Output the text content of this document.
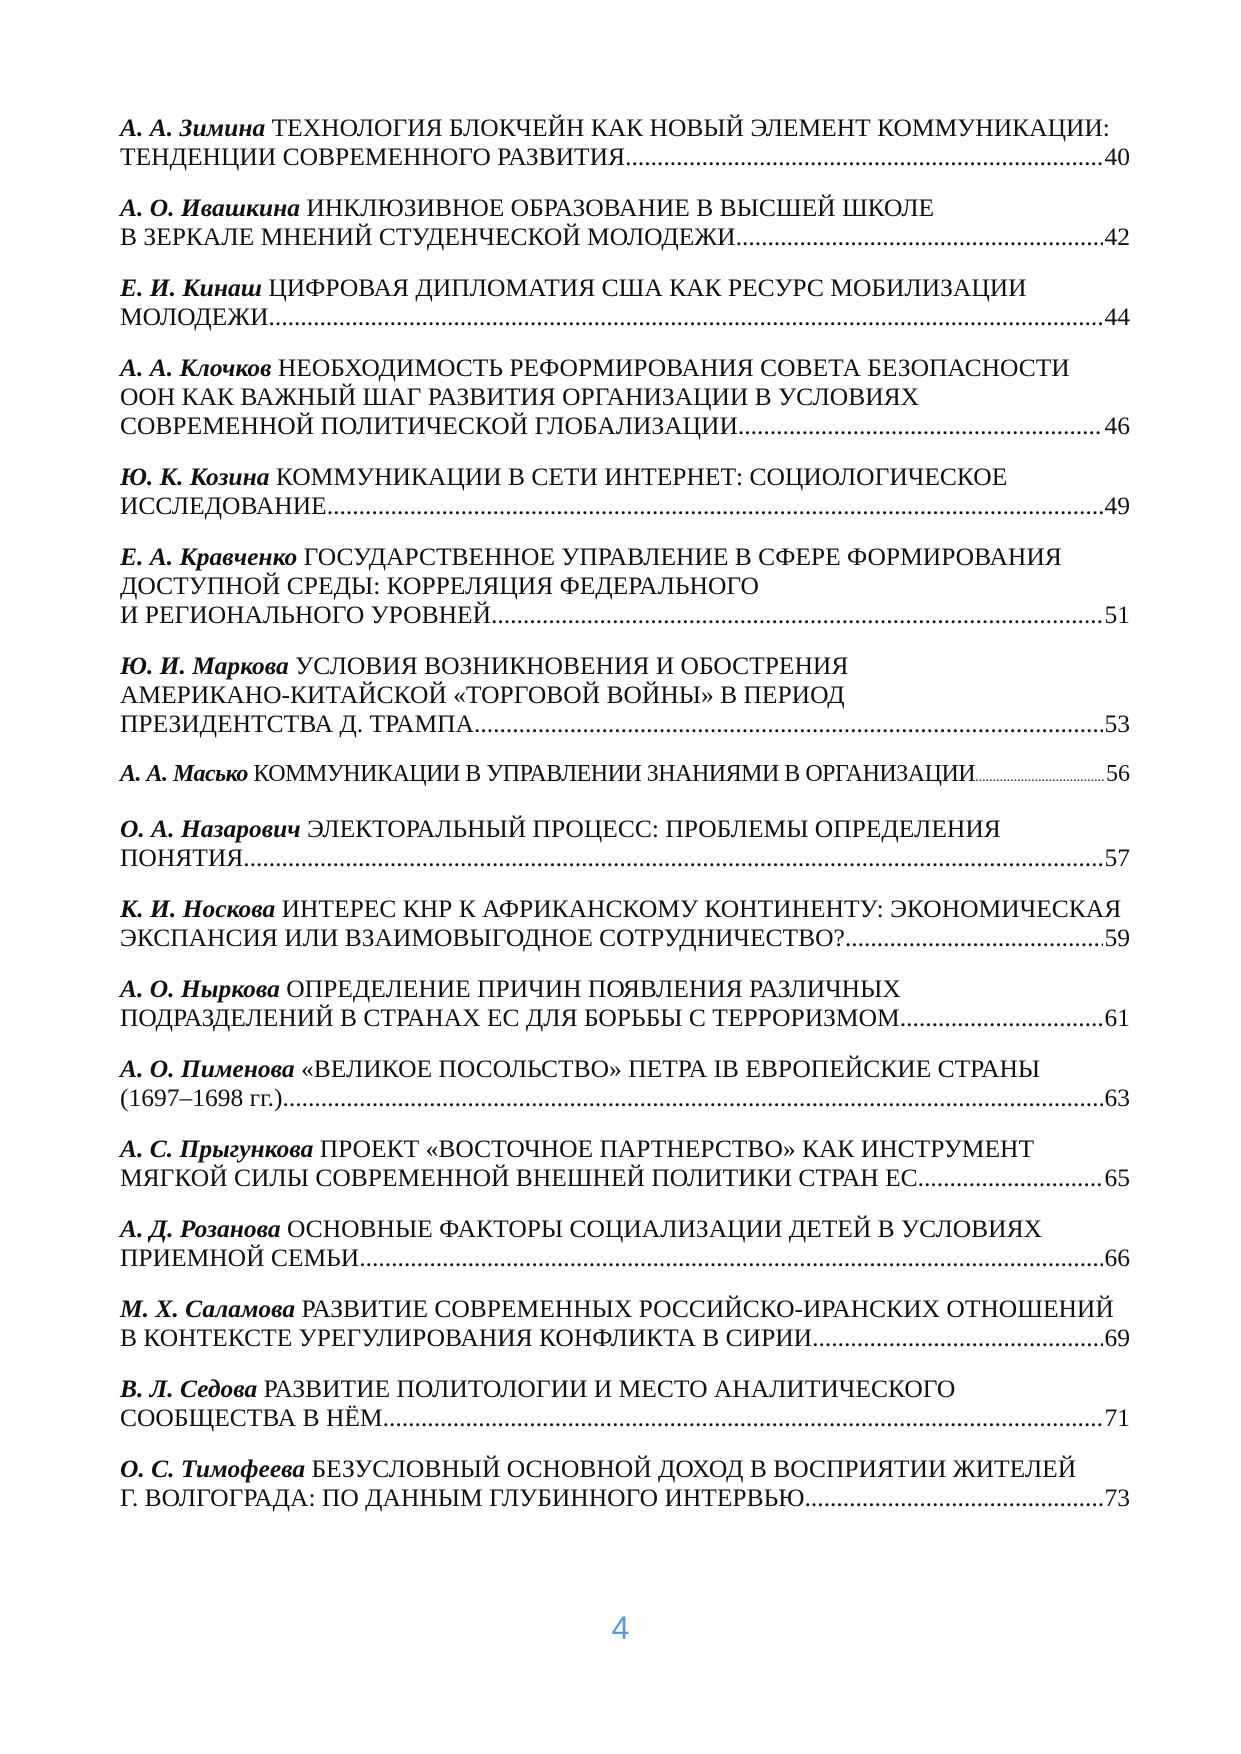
А. А. Зимина ТЕХНОЛОГИЯ БЛОКЧЕЙН КАК НОВЫЙ ЭЛЕМЕНТ КОММУНИКАЦИИ:
ТЕНДЕНЦИИ СОВРЕМЕННОГО РАЗВИТИЯ .....	40
А. О. Ивашкина ИНКЛЮЗИВНОЕ ОБРАЗОВАНИЕ В ВЫСШЕЙ ШКОЛЕ
В ЗЕРКАЛЕ МНЕНИЙ СТУДЕНЧЕСКОЙ МОЛОДЕЖИ .....	42
Е. И. Кинаш ЦИФРОВАЯ ДИПЛОМАТИЯ США КАК РЕСУРС МОБИЛИЗАЦИИ
МОЛОДЕЖИ .....	44
А. А. Клочков НЕОБХОДИМОСТЬ РЕФОРМИРОВАНИЯ СОВЕТА БЕЗОПАСНОСТИ
ООН КАК ВАЖНЫЙ ШАГ РАЗВИТИЯ ОРГАНИЗАЦИИ В УСЛОВИЯХ
СОВРЕМЕННОЙ ПОЛИТИЧЕСКОЙ ГЛОБАЛИЗАЦИИ .....	46
Ю. К. Козина КОММУНИКАЦИИ В СЕТИ ИНТЕРНЕТ: СОЦИОЛОГИЧЕСКОЕ
ИССЛЕДОВАНИЕ .....	49
Е. А. Кравченко ГОСУДАРСТВЕННОЕ УПРАВЛЕНИЕ В СФЕРЕ ФОРМИРОВАНИЯ
ДОСТУПНОЙ СРЕДЫ: КОРРЕЛЯЦИЯ ФЕДЕРАЛЬНОГО
И РЕГИОНАЛЬНОГО УРОВНЕЙ .....	51
Ю. И. Маркова УСЛОВИЯ ВОЗНИКНОВЕНИЯ И ОБОСТРЕНИЯ
АМЕРИКАНО-КИТАЙСКОЙ «ТОРГОВОЙ ВОЙНЫ» В ПЕРИОД
ПРЕЗИДЕНТСТВА Д. ТРАМПА .....	53
А. А. Масько КОММУНИКАЦИИ В УПРАВЛЕНИИ ЗНАНИЯМИ В ОРГАНИЗАЦИИ .....	56
О. А. Назарович ЭЛЕКТОРАЛЬНЫЙ ПРОЦЕСС: ПРОБЛЕМЫ ОПРЕДЕЛЕНИЯ
ПОНЯТИЯ .....	57
К. И. Носкова ИНТЕРЕС КНР К АФРИКАНСКОМУ КОНТИНЕНТУ: ЭКОНОМИЧЕСКАЯ
ЭКСПАНСИЯ ИЛИ ВЗАИМОВЫГОДНОЕ СОТРУДНИЧЕСТВО? .....	59
А. О. Ныркова ОПРЕДЕЛЕНИЕ ПРИЧИН ПОЯВЛЕНИЯ РАЗЛИЧНЫХ
ПОДРАЗДЕЛЕНИЙ В СТРАНАХ ЕС ДЛЯ БОРЬБЫ С ТЕРРОРИЗМОМ .....	61
А. О. Пименова «ВЕЛИКОЕ ПОСОЛЬСТВО» ПЕТРА IВ ЕВРОПЕЙСКИЕ СТРАНЫ
(1697–1698 гг.) .....	63
А. С. Прыгункова ПРОЕКТ «ВОСТОЧНОЕ ПАРТНЕРСТВО» КАК ИНСТРУМЕНТ
МЯГКОЙ СИЛЫ СОВРЕМЕННОЙ ВНЕШНЕЙ ПОЛИТИКИ СТРАН ЕС .....	65
А. Д. Розанова ОСНОВНЫЕ ФАКТОРЫ СОЦИАЛИЗАЦИИ ДЕТЕЙ В УСЛОВИЯХ
ПРИЕМНОЙ СЕМЬИ .....	66
М. Х. Саламова РАЗВИТИЕ СОВРЕМЕННЫХ РОССИЙСКО-ИРАНСКИХ ОТНОШЕНИЙ
В КОНТЕКСТЕ УРЕГУЛИРОВАНИЯ КОНФЛИКТА В СИРИИ .....	69
В. Л. Седова РАЗВИТИЕ ПОЛИТОЛОГИИ И МЕСТО АНАЛИТИЧЕСКОГО
СООБЩЕСТВА В НЁМ .....	71
О. С. Тимофеева БЕЗУСЛОВНЫЙ ОСНОВНОЙ ДОХОД В ВОСПРИЯТИИ ЖИТЕЛЕЙ
Г. ВОЛГОГРАДА: ПО ДАННЫМ ГЛУБИННОГО ИНТЕРВЬЮ .....	73
4
